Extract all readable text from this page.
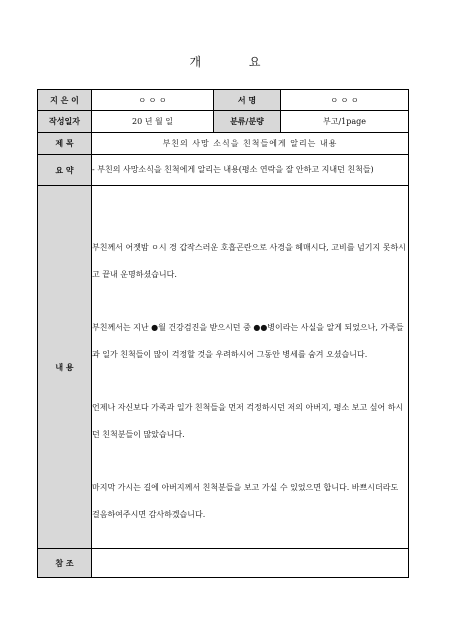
개 요
지 은 이	ㅇ ㅇ ㅇ	서 명	ㅇ ㅇ ㅇ
작성일자	20 년 월 일	분류/분량	부고/1page
제 목	부친의 사망 소식을 친척들에게 알리는 내용		
요 약	- 부친의 사망소식을 친척에게 알리는 내용(평소 연락을 잘 안하고 지내던 친척들)		
내 용	부친께서 어젯밤 ㅇ시 경 갑작스러운 호흡곤란으로 사경을 헤매시다, 고비를 넘기지 못하시고 끝내 운명하셨습니다.

부친께서는 지난 ●월 건강검진을 받으시던 중 ●●병이라는 사실을 알게 되었으나, 가족들과 일가 친척들이 많이 걱정할 것을 우려하시어 그동안 병세를 숨겨 오셨습니다.

언제나 자신보다 가족과 일가 친척들을 먼저 걱정하시던 저의 아버지, 평소 보고 싶어 하시던 친척분들이 많았습니다.

마지막 가시는 길에 아버지께서 친척분들을 보고 가실 수 있었으면 합니다. 바쁘시더라도 걸음하여주시면 감사하겠습니다.		

참 조			
